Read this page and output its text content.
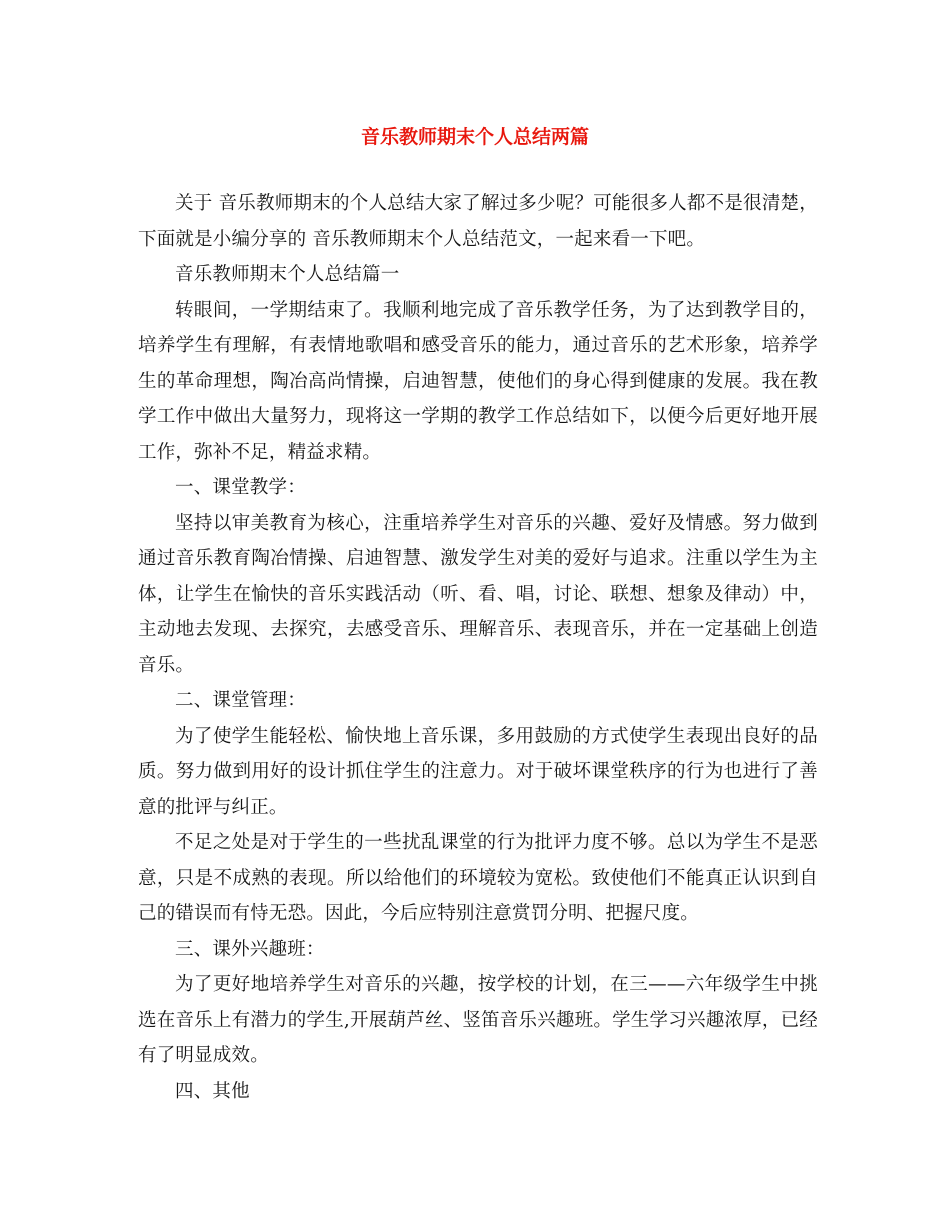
音乐教师期末个人总结两篇

关于 音乐教师期末的个人总结大家了解过多少呢？可能很多人都不是很清楚，下面就是小编分享的 音乐教师期末个人总结范文，一起来看一下吧。

音乐教师期末个人总结篇一

转眼间，一学期结束了。我顺利地完成了音乐教学任务，为了达到教学目的，培养学生有理解，有表情地歌唱和感受音乐的能力，通过音乐的艺术形象，培养学生的革命理想，陶冶高尚情操，启迪智慧，使他们的身心得到健康的发展。我在教学工作中做出大量努力，现将这一学期的教学工作总结如下，以便今后更好地开展工作，弥补不足，精益求精。

一、课堂教学：

坚持以审美教育为核心，注重培养学生对音乐的兴趣、爱好及情感。努力做到通过音乐教育陶冶情操、启迪智慧、激发学生对美的爱好与追求。注重以学生为主体，让学生在愉快的音乐实践活动（听、看、唱，讨论、联想、想象及律动）中，主动地去发现、去探究，去感受音乐、理解音乐、表现音乐，并在一定基础上创造音乐。

二、课堂管理：

为了使学生能轻松、愉快地上音乐课，多用鼓励的方式使学生表现出良好的品质。努力做到用好的设计抓住学生的注意力。对于破坏课堂秩序的行为也进行了善意的批评与纠正。

不足之处是对于学生的一些扰乱课堂的行为批评力度不够。总以为学生不是恶意，只是不成熟的表现。所以给他们的环境较为宽松。致使他们不能真正认识到自己的错误而有恃无恐。因此，今后应特别注意赏罚分明、把握尺度。

三、课外兴趣班：

为了更好地培养学生对音乐的兴趣，按学校的计划，在三——六年级学生中挑选在音乐上有潜力的学生,开展葫芦丝、竖笛音乐兴趣班。学生学习兴趣浓厚，已经有了明显成效。

四、其他
